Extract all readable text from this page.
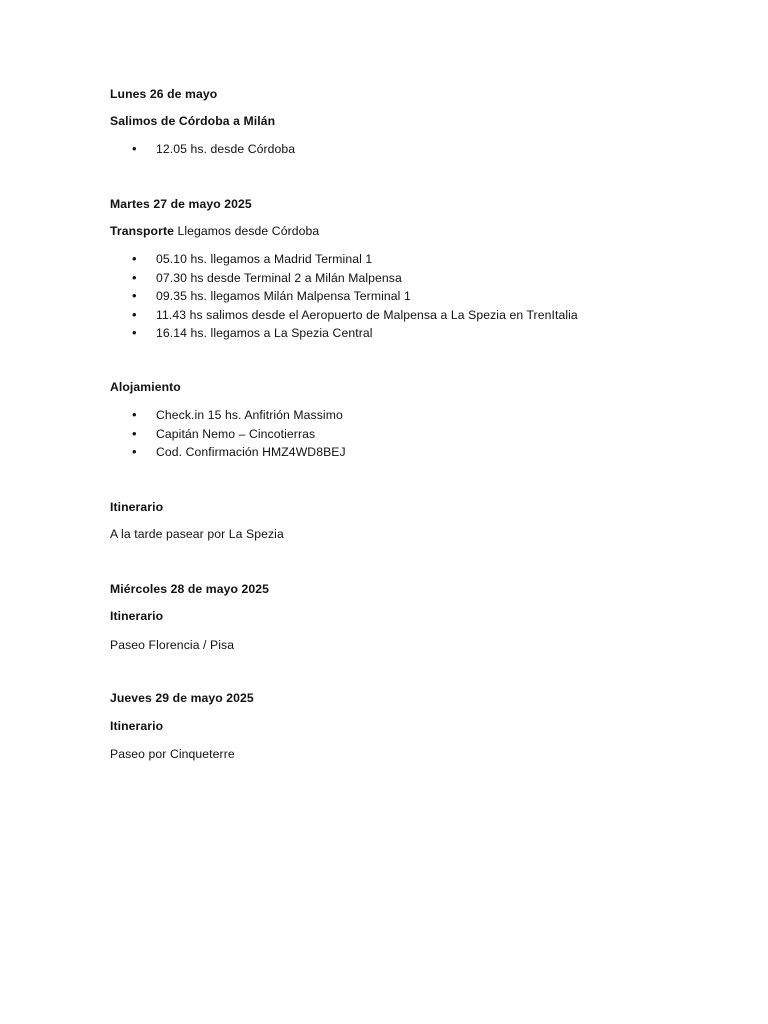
Lunes 26 de mayo
Salimos de Córdoba a Milán
• 12.05 hs. desde Córdoba
Martes 27 de mayo 2025
Transporte Llegamos desde Córdoba
• 05.10 hs. llegamos a Madrid Terminal 1
• 07.30 hs desde Terminal 2 a Milán Malpensa
• 09.35 hs. llegamos Milán Malpensa Terminal 1
• 11.43 hs salimos desde el Aeropuerto de Malpensa a La Spezia en TrenItalia
• 16.14 hs. llegamos a La Spezia Central
Alojamiento
• Check.in 15 hs. Anfitrión Massimo
• Capitán Nemo – Cincotierras
• Cod. Confirmación HMZ4WD8BEJ
Itinerario
A la tarde pasear por La Spezia
Miércoles 28 de mayo 2025
Itinerario
Paseo Florencia / Pisa
Jueves 29 de mayo 2025
Itinerario
Paseo por Cinqueterre
